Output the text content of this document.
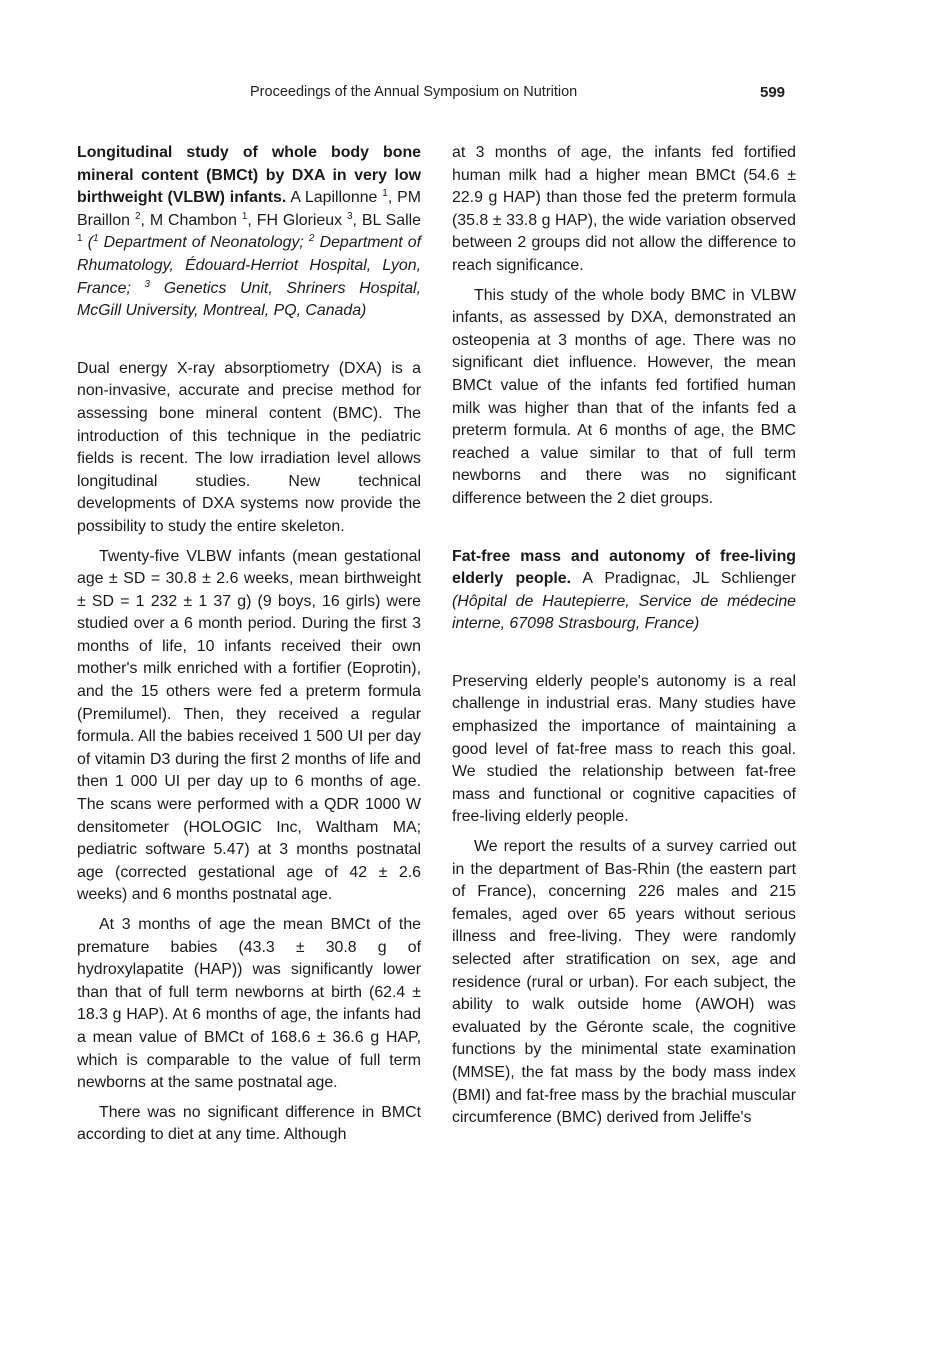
Proceedings of the Annual Symposium on Nutrition	599

Longitudinal study of whole body bone mineral content (BMCt) by DXA in very low birthweight (VLBW) infants. A Lapillonne $^1$, PM Braillon $^2$, M Chambon $^1$, FH Glorieux $^3$, BL Salle $^1$ ($^1$ Department of Neonatology; $^2$ Department of Rhumatology, Édouard-Herriot Hospital, Lyon, France; $^3$ Genetics Unit, Shriners Hospital, McGill University, Montreal, PQ, Canada)

Dual energy X-ray absorptiometry (DXA) is a non-invasive, accurate and precise method for assessing bone mineral content (BMC). The introduction of this technique in the pediatric fields is recent. The low irradiation level allows longitudinal studies. New technical developments of DXA systems now provide the possibility to study the entire skeleton.

Twenty-five VLBW infants (mean gestational age ± SD = 30.8 ± 2.6 weeks, mean birthweight ± SD = 1 232 ± 1 37 g) (9 boys, 16 girls) were studied over a 6 month period. During the first 3 months of life, 10 infants received their own mother's milk enriched with a fortifier (Eoprotin), and the 15 others were fed a preterm formula (Premilumel). Then, they received a regular formula. All the babies received 1 500 UI per day of vitamin D3 during the first 2 months of life and then 1 000 UI per day up to 6 months of age. The scans were performed with a QDR 1000 W densitometer (HOLOGIC Inc, Waltham MA; pediatric software 5.47) at 3 months postnatal age (corrected gestational age of 42 ± 2.6 weeks) and 6 months postnatal age.

At 3 months of age the mean BMCt of the premature babies (43.3 ± 30.8 g of hydroxylapatite (HAP)) was significantly lower than that of full term newborns at birth (62.4 ± 18.3 g HAP). At 6 months of age, the infants had a mean value of BMCt of 168.6 ± 36.6 g HAP, which is comparable to the value of full term newborns at the same postnatal age.

There was no significant difference in BMCt according to diet at any time. Although

at 3 months of age, the infants fed fortified human milk had a higher mean BMCt (54.6 ± 22.9 g HAP) than those fed the preterm formula (35.8 ± 33.8 g HAP), the wide variation observed between 2 groups did not allow the difference to reach significance.

This study of the whole body BMC in VLBW infants, as assessed by DXA, demonstrated an osteopenia at 3 months of age. There was no significant diet influence. However, the mean BMCt value of the infants fed fortified human milk was higher than that of the infants fed a preterm formula. At 6 months of age, the BMC reached a value similar to that of full term newborns and there was no significant difference between the 2 diet groups.

Fat-free mass and autonomy of free-living elderly people. A Pradignac, JL Schlienger (Hôpital de Hautepierre, Service de médecine interne, 67098 Strasbourg, France)

Preserving elderly people's autonomy is a real challenge in industrial eras. Many studies have emphasized the importance of maintaining a good level of fat-free mass to reach this goal. We studied the relationship between fat-free mass and functional or cognitive capacities of free-living elderly people.

We report the results of a survey carried out in the department of Bas-Rhin (the eastern part of France), concerning 226 males and 215 females, aged over 65 years without serious illness and free-living. They were randomly selected after stratification on sex, age and residence (rural or urban). For each subject, the ability to walk outside home (AWOH) was evaluated by the Géronte scale, the cognitive functions by the minimental state examination (MMSE), the fat mass by the body mass index (BMI) and fat-free mass by the brachial muscular circumference (BMC) derived from Jeliffe's
